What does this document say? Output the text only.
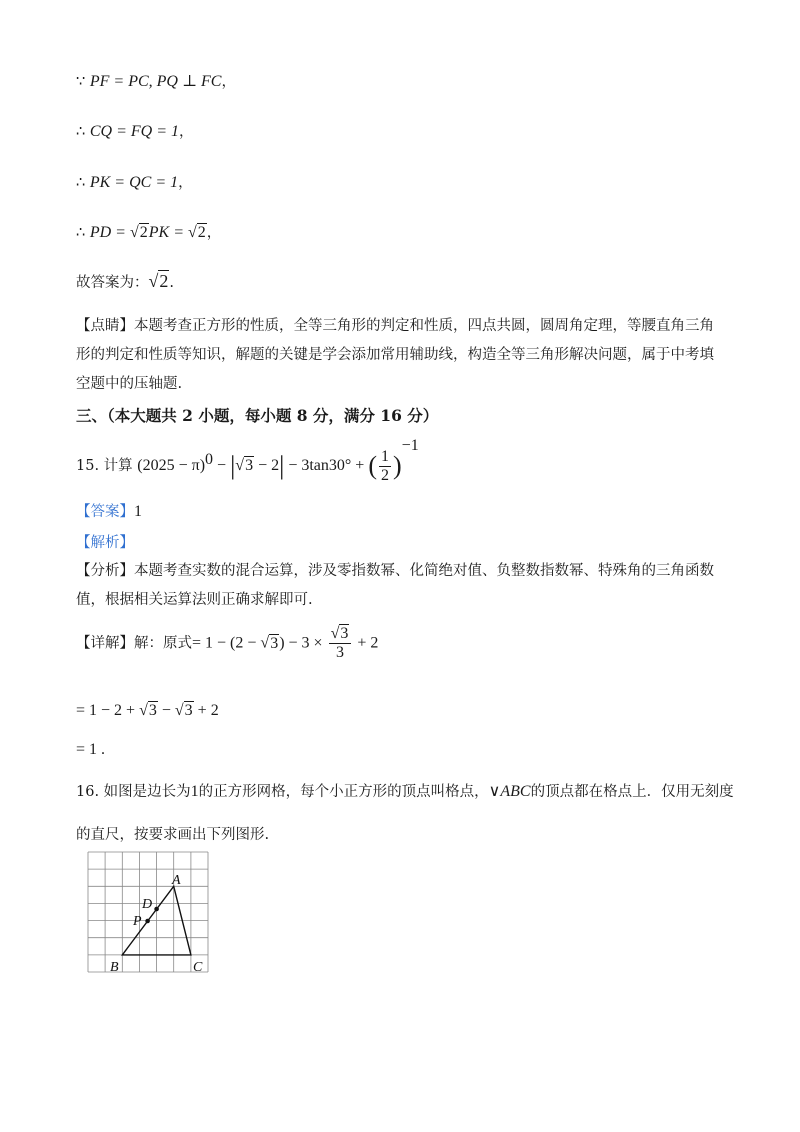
∵ PF = PC, PQ ⊥ FC，
∴ CQ = FQ = 1，
∴ PK = QC = 1，
∴ PD = √2PK = √2，
故答案为：√2.
【点睛】本题考查正方形的性质，全等三角形的判定和性质，四点共圆，圆周角定理，等腰直角三角形的判定和性质等知识，解题的关键是学会添加常用辅助线，构造全等三角形解决问题，属于中考填空题中的压轴题.
三、（本大题共 2 小题，每小题 8 分，满分 16 分）
15. 计算 $(2025 - \pi)^0 - |√3 - 2| - 3\tan 30^\circ$ + ( $\frac{1}{2} )^{-1}$
【答案】1
【解析】
【分析】本题考查实数的混合运算，涉及零指数幂、化简绝对值、负整数指数幂、特殊角的三角函数值，根据相关运算法则正确求解即可.
【详解】解：原式= $1 - (2 - √3) - 3 \times \frac{√3}{3} + 2$
= 1 − 2 + √3 − √3 + 2
= 1 .
16. 如图是边长为1的正方形网格，每个小正方形的顶点叫格点，∨ABC的顶点都在格点上．仅用无刻度
的直尺，按要求画出下列图形.
A
B	C
D
P
